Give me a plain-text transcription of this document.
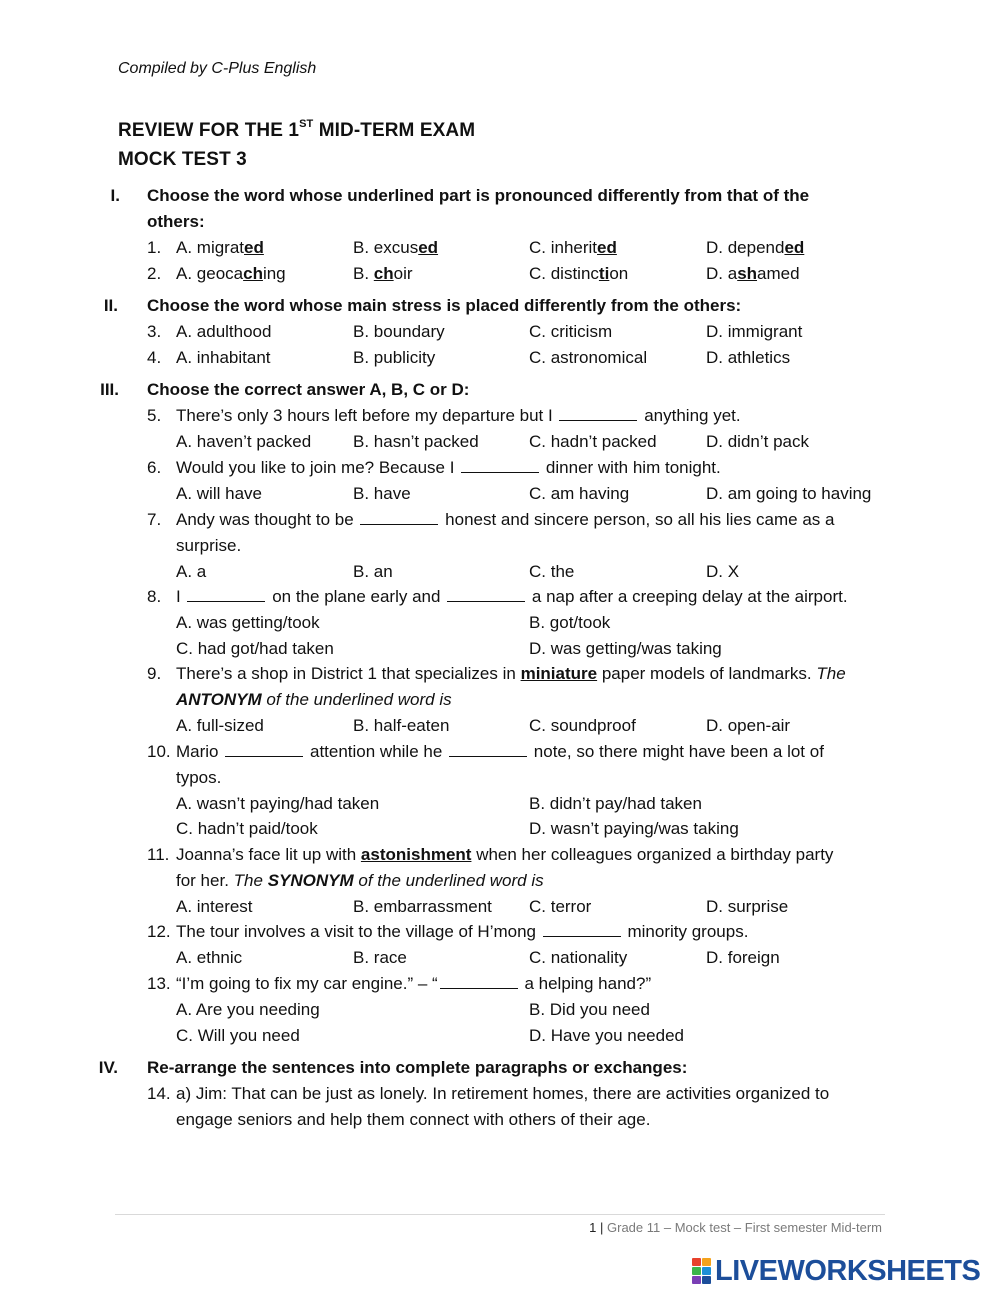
Compiled by C-Plus English
REVIEW FOR THE 1ST MID-TERM EXAM
MOCK TEST 3
I. Choose the word whose underlined part is pronounced differently from that of the
others:
1. A. migrated	B. excused	C. inherited	D. depended
2. A. geocaching	B. choir	C. distinction	D. ashamed
II. Choose the word whose main stress is placed differently from the others:
3. A. adulthood	B. boundary	C. criticism	D. immigrant
4. A. inhabitant	B. publicity	C. astronomical	D. athletics
III. Choose the correct answer A, B, C or D:
5. There’s only 3 hours left before my departure but I	anything yet.
A. haven’t packed B. hasn’t packed	C. hadn’t packed	D. didn’t pack
6. Would you like to join me? Because I	dinner with him tonight.
A. will have	B. have	C. am having	D. am going to having
7. Andy was thought to be	honest and sincere person, so all his lies came as a
surprise.
A. a	B. an	C. the	D. X
8. I	on the plane early and	a nap after a creeping delay at the airport.
A. was getting/took	B. got/took
C. had got/had taken	D. was getting/was taking
9. There’s a shop in District 1 that specializes in miniature paper models of landmarks. The
ANTONYM of the underlined word is
A. full-sized	B. half-eaten	C. soundproof	D. open-air
10. Mario	attention while he	note, so there might have been a lot of
typos.
A. wasn’t paying/had taken	B. didn’t pay/had taken
C. hadn’t paid/took	D. wasn’t paying/was taking
11. Joanna’s face lit up with astonishment when her colleagues organized a birthday party
for her. The SYNONYM of the underlined word is
A. interest	B. embarrassment C. terror	D. surprise
12. The tour involves a visit to the village of H’mong	minority groups.
A. ethnic	B. race	C. nationality	D. foreign
13. “I’m going to fix my car engine.” – “	a helping hand?”
A. Are you needing	B. Did you need
C. Will you need	D. Have you needed
IV. Re-arrange the sentences into complete paragraphs or exchanges:
14. a) Jim: That can be just as lonely. In retirement homes, there are activities organized to
engage seniors and help them connect with others of their age.
1 | Grade 11 – Mock test – First semester Mid-term
LIVEWORKSHEETS
